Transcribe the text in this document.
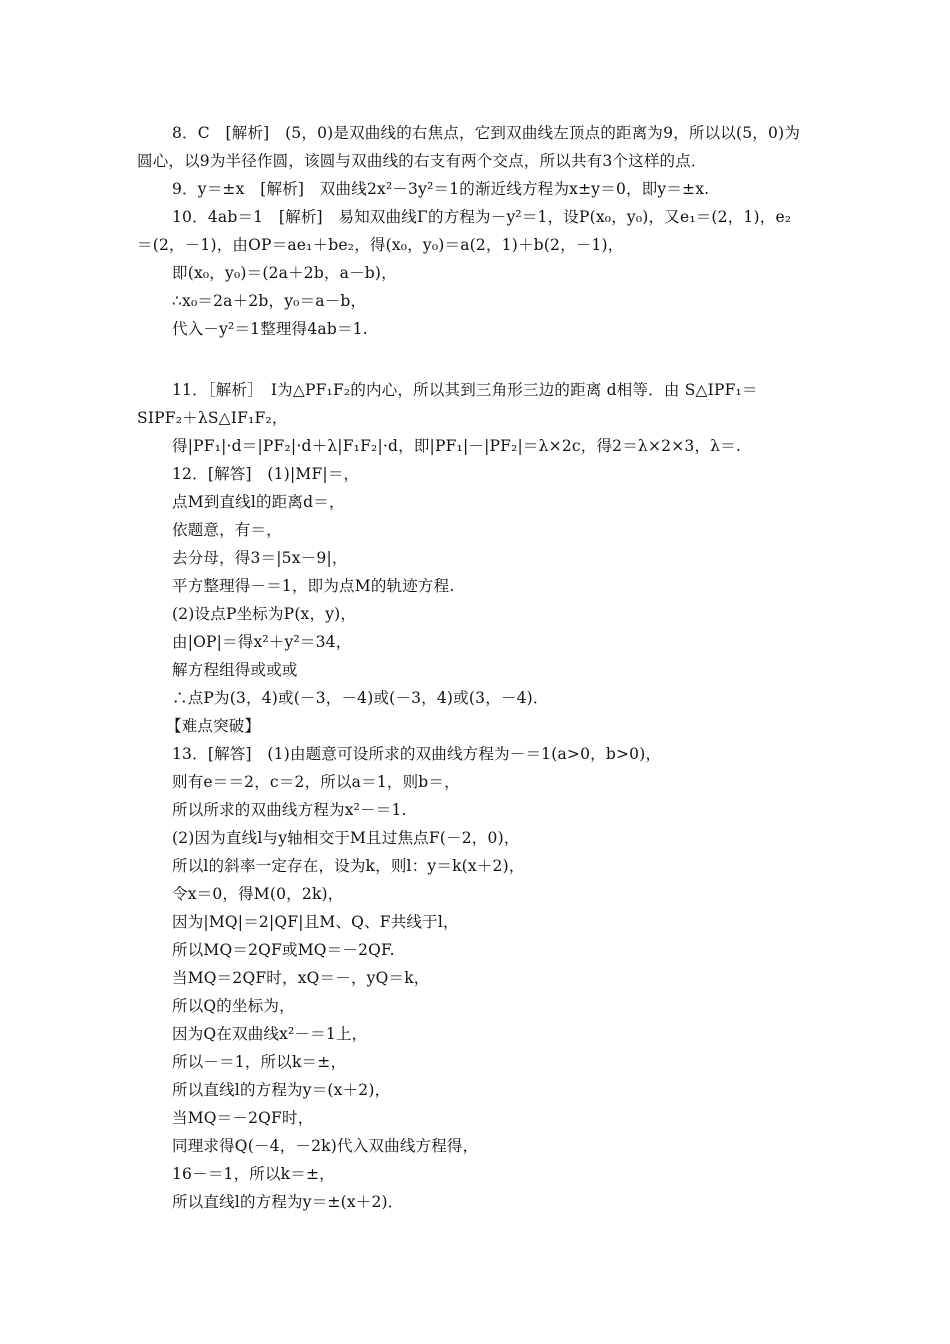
8．C　[解析]　(5，0)是双曲线的右焦点，它到双曲线左顶点的距离为9，所以以(5，0)为
圆心，以9为半径作圆，该圆与双曲线的右支有两个交点，所以共有3个这样的点．
9．y＝±x　[解析]　双曲线2x²－3y²＝1的渐近线方程为x±y＝0，即y＝±x.
10．4ab＝1　[解析]　易知双曲线Γ的方程为－y²＝1，设P(x₀，y₀)，又e₁＝(2，1)，e₂
＝(2，－1)，由OP＝ae₁＋be₂，得(x₀，y₀)＝a(2，1)＋b(2，－1)，
即(x₀，y₀)＝(2a＋2b，a－b)，
∴x₀＝2a＋2b，y₀＝a－b，
代入－y²＝1整理得4ab＝1.
11．［解析］　I为△PF₁F₂的内心，所以其到三角形三边的距离 d相等．由 S△IPF₁＝
SIPF₂＋λS△IF₁F₂，
得|PF₁|·d＝|PF₂|·d＋λ|F₁F₂|·d，即|PF₁|－|PF₂|＝λ×2c，得2＝λ×2×3，λ＝.
12．[解答]　(1)|MF|＝，
点M到直线l的距离d＝，
依题意，有＝，
去分母，得3＝|5x－9|，
平方整理得－＝1，即为点M的轨迹方程.
(2)设点P坐标为P(x，y)，
由|OP|＝得x²＋y²＝34，
解方程组得或或或
∴点P为(3，4)或(－3，－4)或(－3，4)或(3，－4)．
【难点突破】
13．[解答]　(1)由题意可设所求的双曲线方程为－＝1(a>0，b>0)，
则有e＝＝2，c＝2，所以a＝1，则b＝，
所以所求的双曲线方程为x²－＝1.
(2)因为直线l与y轴相交于M且过焦点F(－2，0)，
所以l的斜率一定存在，设为k，则l：y＝k(x＋2)，
令x＝0，得M(0，2k)，
因为|MQ|＝2|QF|且M、Q、F共线于l，
所以MQ＝2QF或MQ＝－2QF.
当MQ＝2QF时，xQ＝－，yQ＝k，
所以Q的坐标为，
因为Q在双曲线x²－＝1上，
所以－＝1，所以k＝±，
所以直线l的方程为y＝(x＋2)，
当MQ＝－2QF时，
同理求得Q(－4，－2k)代入双曲线方程得，
16－＝1，所以k＝±，
所以直线l的方程为y＝±(x＋2)．
